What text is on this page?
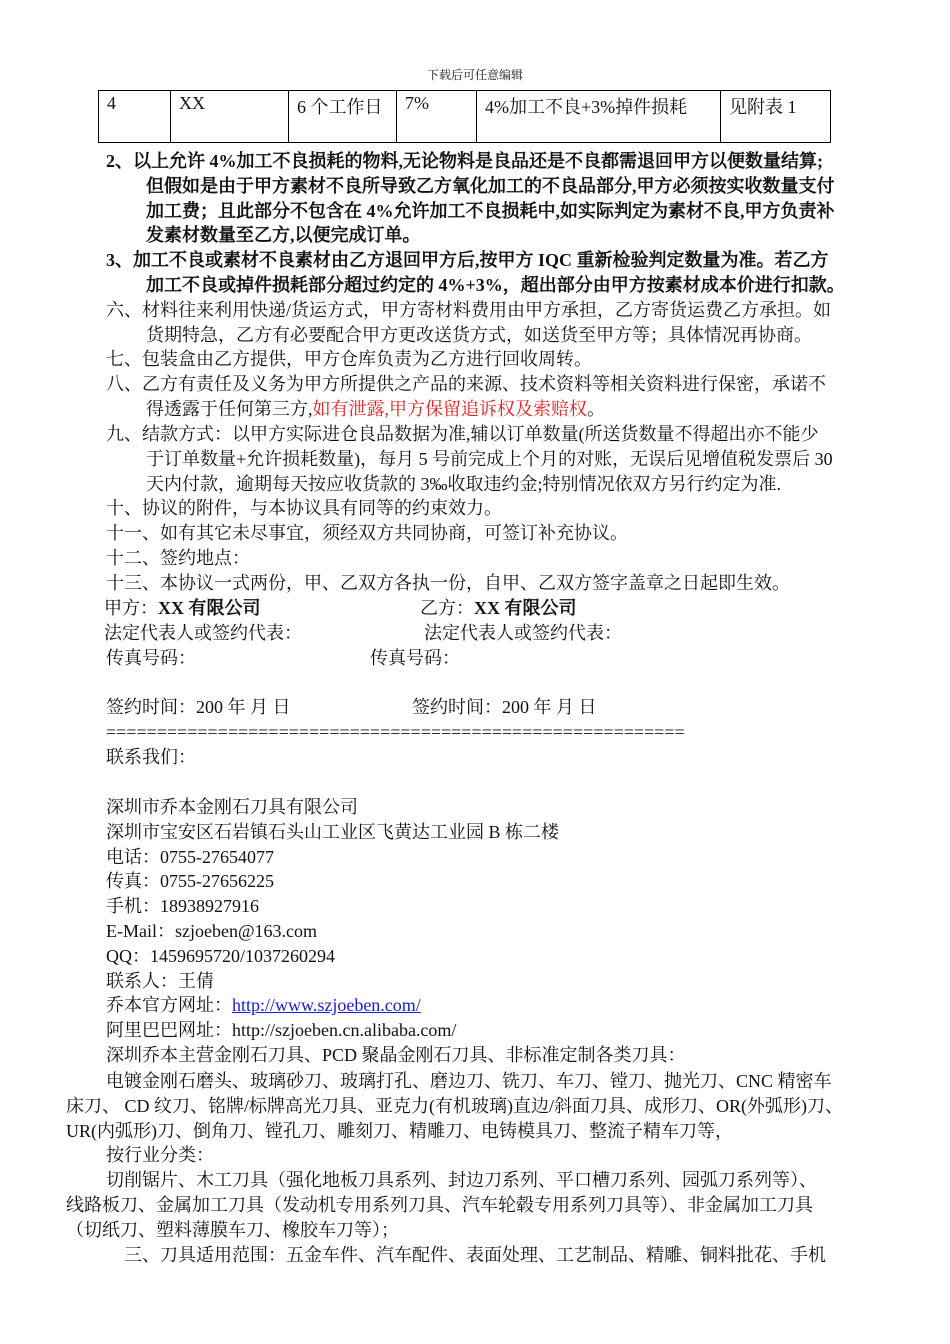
下载后可任意编辑
4	XX	6 个工作日	7%	4%加工不良+3%掉件损耗	见附表 1
2、以上允许 4%加工不良损耗的物料,无论物料是良品还是不良都需退回甲方以便数量结算;
但假如是由于甲方素材不良所导致乙方氧化加工的不良品部分,甲方必须按实收数量支付
加工费；且此部分不包含在 4%允许加工不良损耗中,如实际判定为素材不良,甲方负责补
发素材数量至乙方,以便完成订单。
3、加工不良或素材不良素材由乙方退回甲方后,按甲方 IQC 重新检验判定数量为准。若乙方
加工不良或掉件损耗部分超过约定的 4%+3%，超出部分由甲方按素材成本价进行扣款。
六、材料往来利用快递/货运方式，甲方寄材料费用由甲方承担，乙方寄货运费乙方承担。如
货期特急，乙方有必要配合甲方更改送货方式，如送货至甲方等；具体情况再协商。
七、包装盒由乙方提供，甲方仓库负责为乙方进行回收周转。
八、乙方有责任及义务为甲方所提供之产品的来源、技术资料等相关资料进行保密，承诺不
得透露于任何第三方,如有泄露,甲方保留追诉权及索赔权。
九、结款方式：以甲方实际进仓良品数据为准,辅以订单数量(所送货数量不得超出亦不能少
于订单数量+允许损耗数量)，每月 5 号前完成上个月的对账，无误后见增值税发票后 30
天内付款，逾期每天按应收货款的 3‰收取违约金;特别情况依双方另行约定为准.
十、协议的附件，与本协议具有同等的约束效力。
十一、如有其它未尽事宜，须经双方共同协商，可签订补充协议。
十二、签约地点：
十三、本协议一式两份，甲、乙双方各执一份，自甲、乙双方签字盖章之日起即生效。
甲方：XX 有限公司	乙方：XX 有限公司
法定代表人或签约代表：	法定代表人或签约代表：
传真号码：	传真号码：
签约时间：200 年 月 日	签约时间：200 年 月 日
=========================================================
联系我们：
深圳市乔本金刚石刀具有限公司
深圳市宝安区石岩镇石头山工业区飞黄达工业园 B 栋二楼
电话：0755-27654077
传真：0755-27656225
手机：18938927916
E-Mail：szjoeben@163.com
QQ：1459695720/1037260294
联系人：王倩
乔本官方网址：http://www.szjoeben.com/
阿里巴巴网址：http://szjoeben.cn.alibaba.com/
深圳乔本主营金刚石刀具、PCD 聚晶金刚石刀具、非标准定制各类刀具：
电镀金刚石磨头、玻璃砂刀、玻璃打孔、磨边刀、铣刀、车刀、镗刀、抛光刀、CNC 精密车
床刀、 CD 纹刀、铭牌/标牌高光刀具、亚克力(有机玻璃)直边/斜面刀具、成形刀、OR(外弧形)刀、
UR(内弧形)刀、倒角刀、镗孔刀、雕刻刀、精雕刀、电铸模具刀、整流子精车刀等，
按行业分类：
切削锯片、木工刀具（强化地板刀具系列、封边刀系列、平口槽刀系列、园弧刀系列等）、
线路板刀、金属加工刀具（发动机专用系列刀具、汽车轮毂专用系列刀具等）、非金属加工刀具
（切纸刀、塑料薄膜车刀、橡胶车刀等）；
三、刀具适用范围：五金车件、汽车配件、表面处理、工艺制品、精雕、铜料批花、手机
